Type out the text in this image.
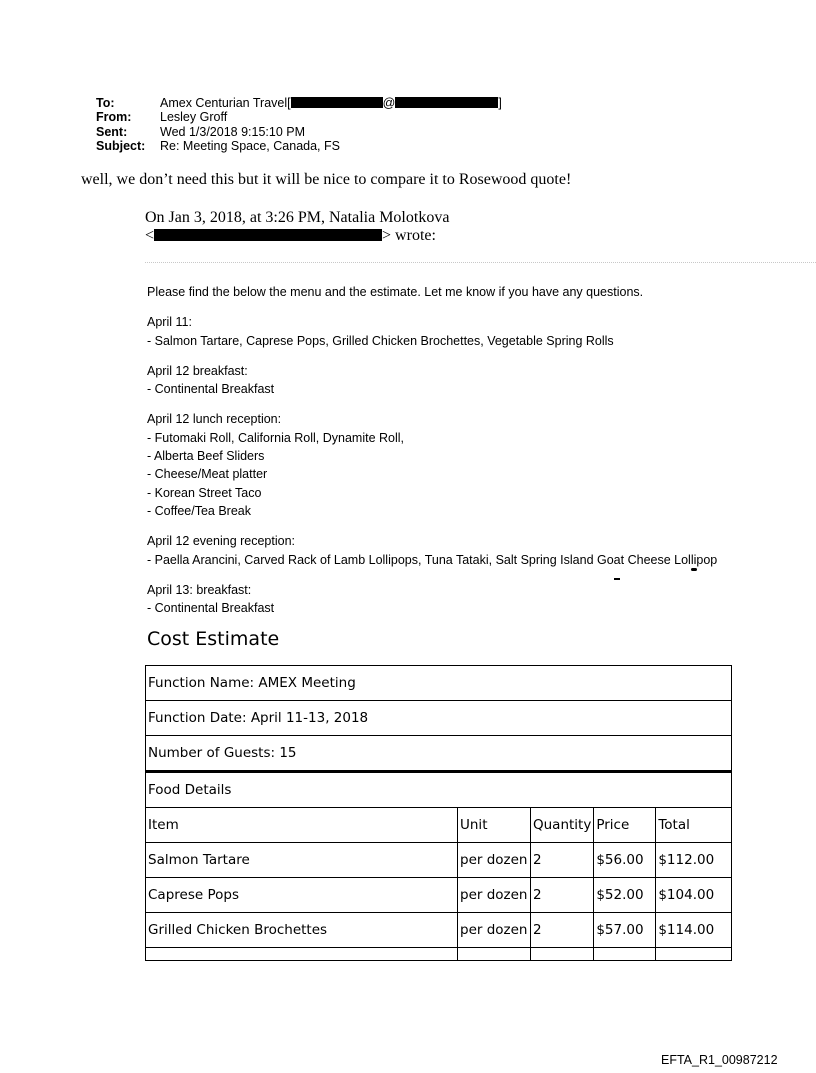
To:	Amex Centurian Travel[	@	]
From:	Lesley Groff
Sent:	Wed 1/3/2018 9:15:10 PM
Subject:	Re: Meeting Space, Canada, FS
well, we don’t need this but it will be nice to compare it to Rosewood quote!
On Jan 3, 2018, at 3:26 PM, Natalia Molotkova
<	> wrote:
Please find the below the menu and the estimate. Let me know if you have any questions.
April 11:
- Salmon Tartare, Caprese Pops, Grilled Chicken Brochettes, Vegetable Spring Rolls
April 12 breakfast:
- Continental Breakfast
April 12 lunch reception:
- Futomaki Roll, California Roll, Dynamite Roll,
- Alberta Beef Sliders
- Cheese/Meat platter
- Korean Street Taco
- Coffee/Tea Break
April 12 evening reception:
- Paella Arancini, Carved Rack of Lamb Lollipops, Tuna Tataki, Salt Spring Island Goat Cheese Lollipop
April 13: breakfast:
- Continental Breakfast
Cost Estimate
Function Name: AMEX Meeting				
Function Date: April 11-13, 2018				
Number of Guests: 15				
Food Details				
Item	Unit	Quantity	Price	Total
Salmon Tartare	per dozen	2	$56.00	$112.00
Caprese Pops	per dozen	2	$52.00	$104.00
Grilled Chicken Brochettes	per dozen	2	$57.00	$114.00

EFTA_R1_00987212
